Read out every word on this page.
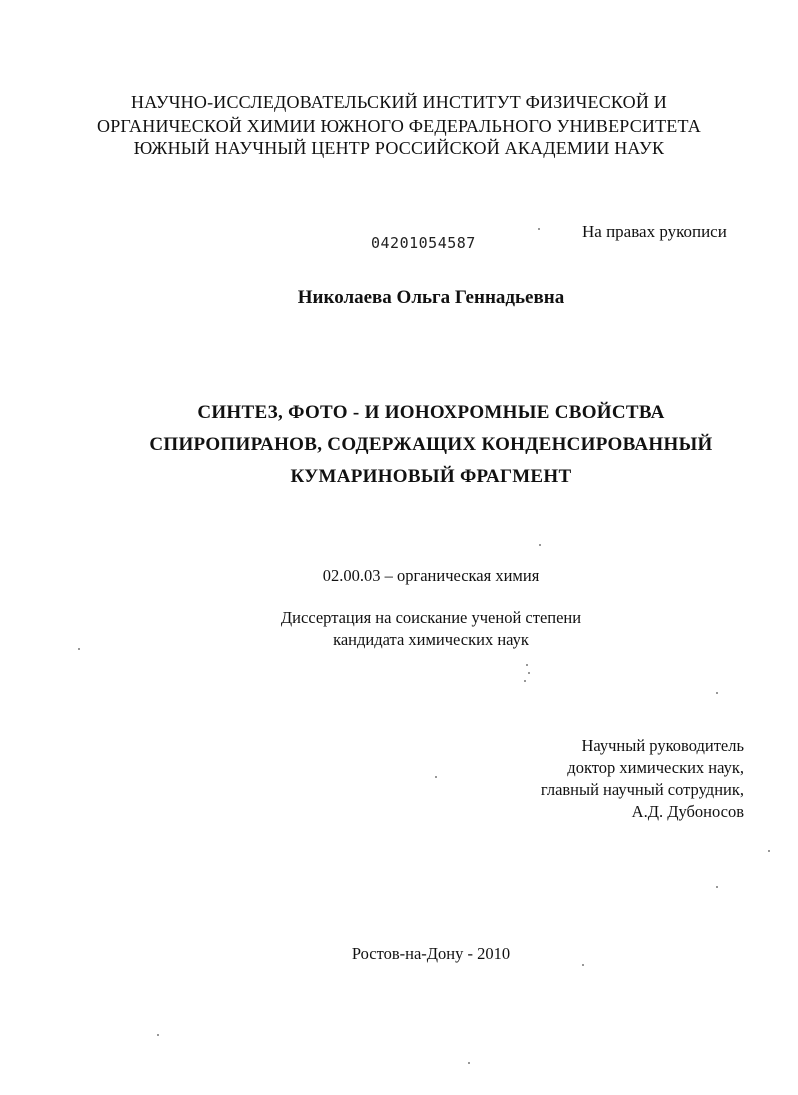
НАУЧНО-ИССЛЕДОВАТЕЛЬСКИЙ ИНСТИТУТ ФИЗИЧЕСКОЙ И
ОРГАНИЧЕСКОЙ ХИМИИ ЮЖНОГО ФЕДЕРАЛЬНОГО УНИВЕРСИТЕТА
ЮЖНЫЙ НАУЧНЫЙ ЦЕНТР РОССИЙСКОЙ АКАДЕМИИ НАУК
04201054587
На правах рукописи
Николаева Ольга Геннадьевна
СИНТЕЗ, ФОТО - И ИОНОХРОМНЫЕ СВОЙСТВА
СПИРОПИРАНОВ, СОДЕРЖАЩИХ КОНДЕНСИРОВАННЫЙ
КУМАРИНОВЫЙ ФРАГМЕНТ
02.00.03 – органическая химия
Диссертация на соискание ученой степени
кандидата химических наук
Научный руководитель
доктор химических наук,
главный научный сотрудник,
А.Д. Дубоносов
Ростов-на-Дону - 2010
